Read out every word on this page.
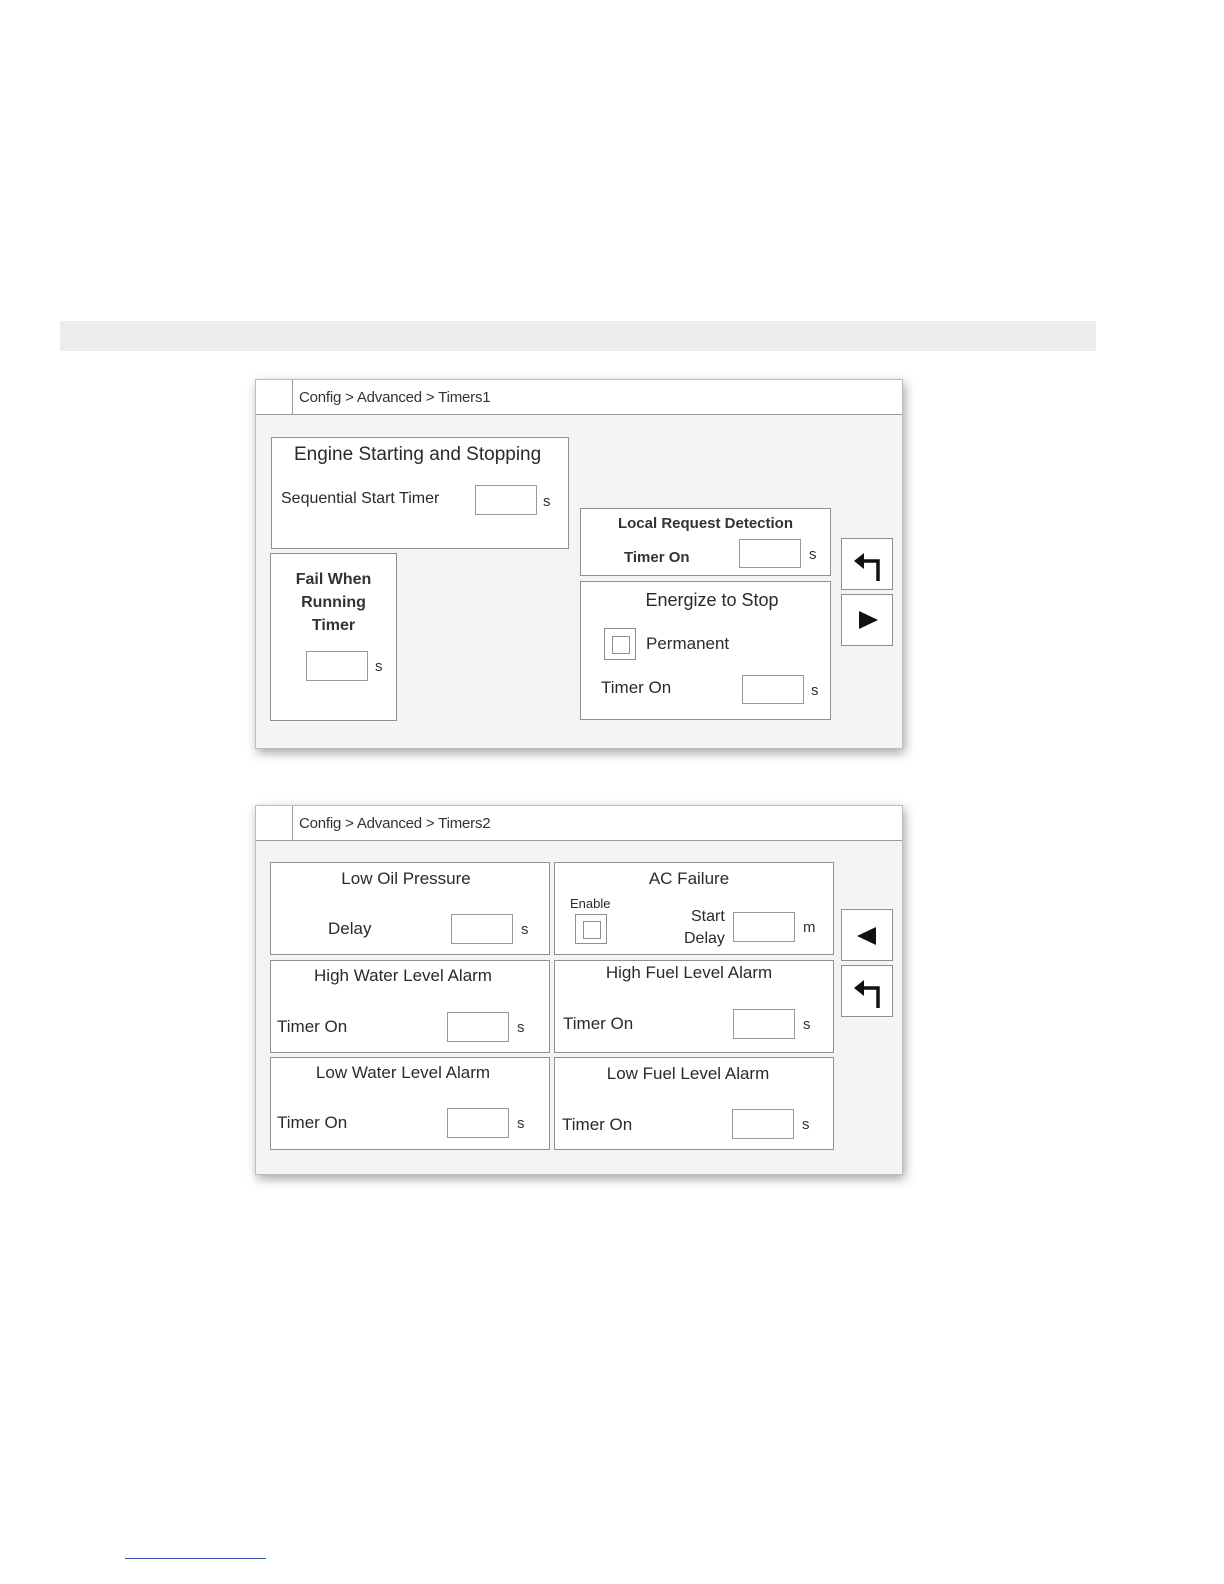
Config > Advanced > Timers1
Engine Starting and Stopping
Sequential Start Timer	s
Fail When
Running
Timer
s
Local Request Detection
Timer On	s
Energize to Stop
Permanent
Timer On	s
Config > Advanced > Timers2
Low Oil Pressure
Delay	s
AC Failure
Enable
Start
Delay
m
High Water Level Alarm
Timer On	s
High Fuel Level Alarm
Timer On	s
Low Water Level Alarm
Timer On	s
Low Fuel Level Alarm
Timer On	s
